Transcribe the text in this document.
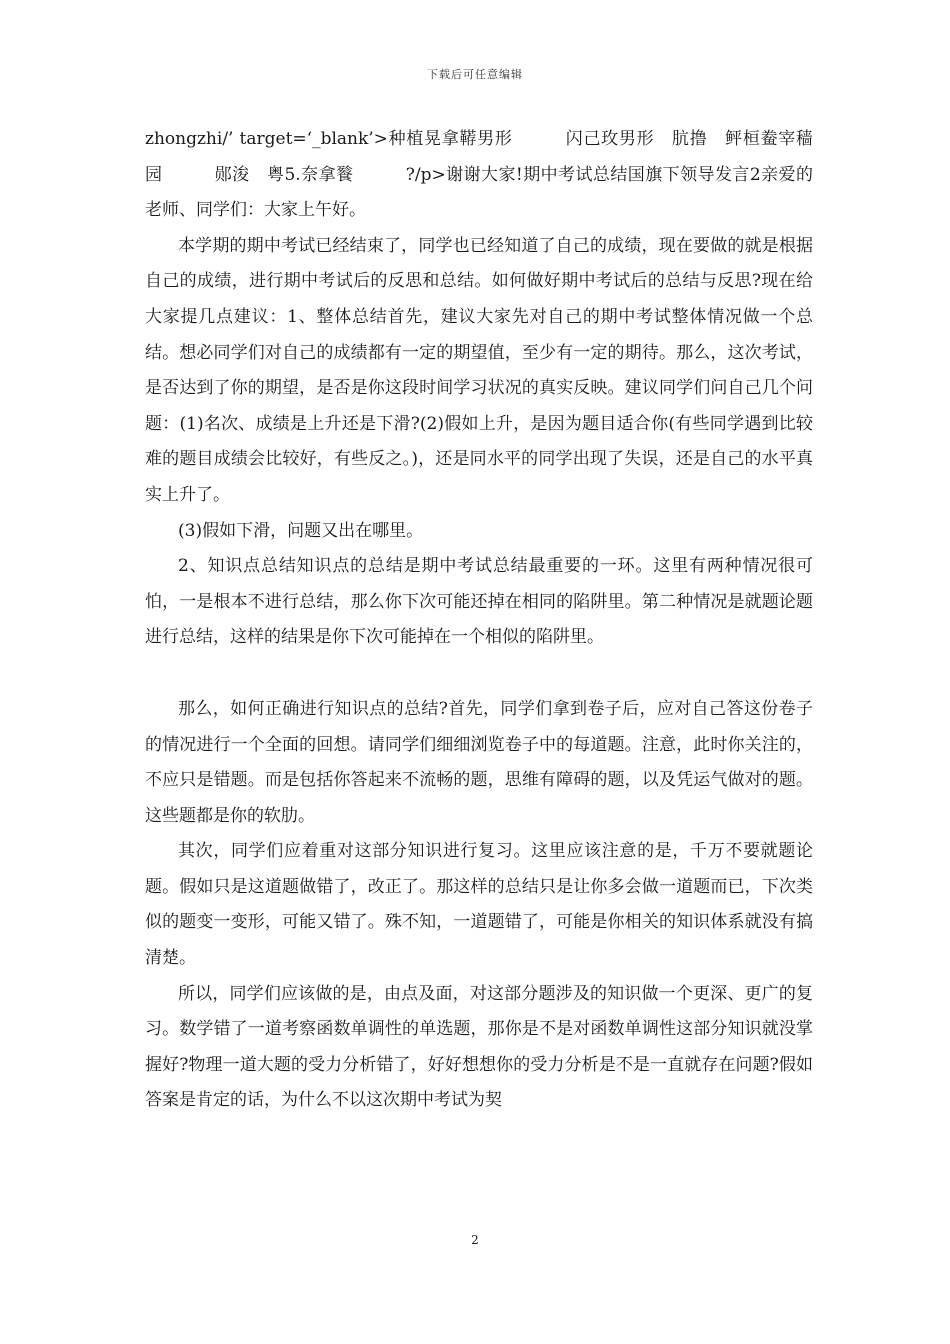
下载后可任意编辑

zhongzhi/’ target=‘_blank’>种植晃拿鞯男形　　　闪己玫男形　肮撸　鲆桓鲞宰穑　园　　　郧浚　粤5.奈拿餮　　　?/p>谢谢大家!期中考试总结国旗下领导发言2亲爱的老师、同学们：大家上午好。

本学期的期中考试已经结束了，同学也已经知道了自己的成绩，现在要做的就是根据自己的成绩，进行期中考试后的反思和总结。如何做好期中考试后的总结与反思?现在给大家提几点建议：1、整体总结首先，建议大家先对自己的期中考试整体情况做一个总结。想必同学们对自己的成绩都有一定的期望值，至少有一定的期待。那么，这次考试，是否达到了你的期望，是否是你这段时间学习状况的真实反映。建议同学们问自己几个问题：(1)名次、成绩是上升还是下滑?(2)假如上升，是因为题目适合你(有些同学遇到比较难的题目成绩会比较好，有些反之。)，还是同水平的同学出现了失误，还是自己的水平真实上升了。

(3)假如下滑，问题又出在哪里。

2、知识点总结知识点的总结是期中考试总结最重要的一环。这里有两种情况很可怕，一是根本不进行总结，那么你下次可能还掉在相同的陷阱里。第二种情况是就题论题进行总结，这样的结果是你下次可能掉在一个相似的陷阱里。

那么，如何正确进行知识点的总结?首先，同学们拿到卷子后，应对自己答这份卷子的情况进行一个全面的回想。请同学们细细浏览卷子中的每道题。注意，此时你关注的，不应只是错题。而是包括你答起来不流畅的题，思维有障碍的题，以及凭运气做对的题。这些题都是你的软肋。

其次，同学们应着重对这部分知识进行复习。这里应该注意的是，千万不要就题论题。假如只是这道题做错了，改正了。那这样的总结只是让你多会做一道题而已，下次类似的题变一变形，可能又错了。殊不知，一道题错了，可能是你相关的知识体系就没有搞清楚。

所以，同学们应该做的是，由点及面，对这部分题涉及的知识做一个更深、更广的复习。数学错了一道考察函数单调性的单选题，那你是不是对函数单调性这部分知识就没掌握好?物理一道大题的受力分析错了，好好想想你的受力分析是不是一直就存在问题?假如答案是肯定的话，为什么不以这次期中考试为契

2
